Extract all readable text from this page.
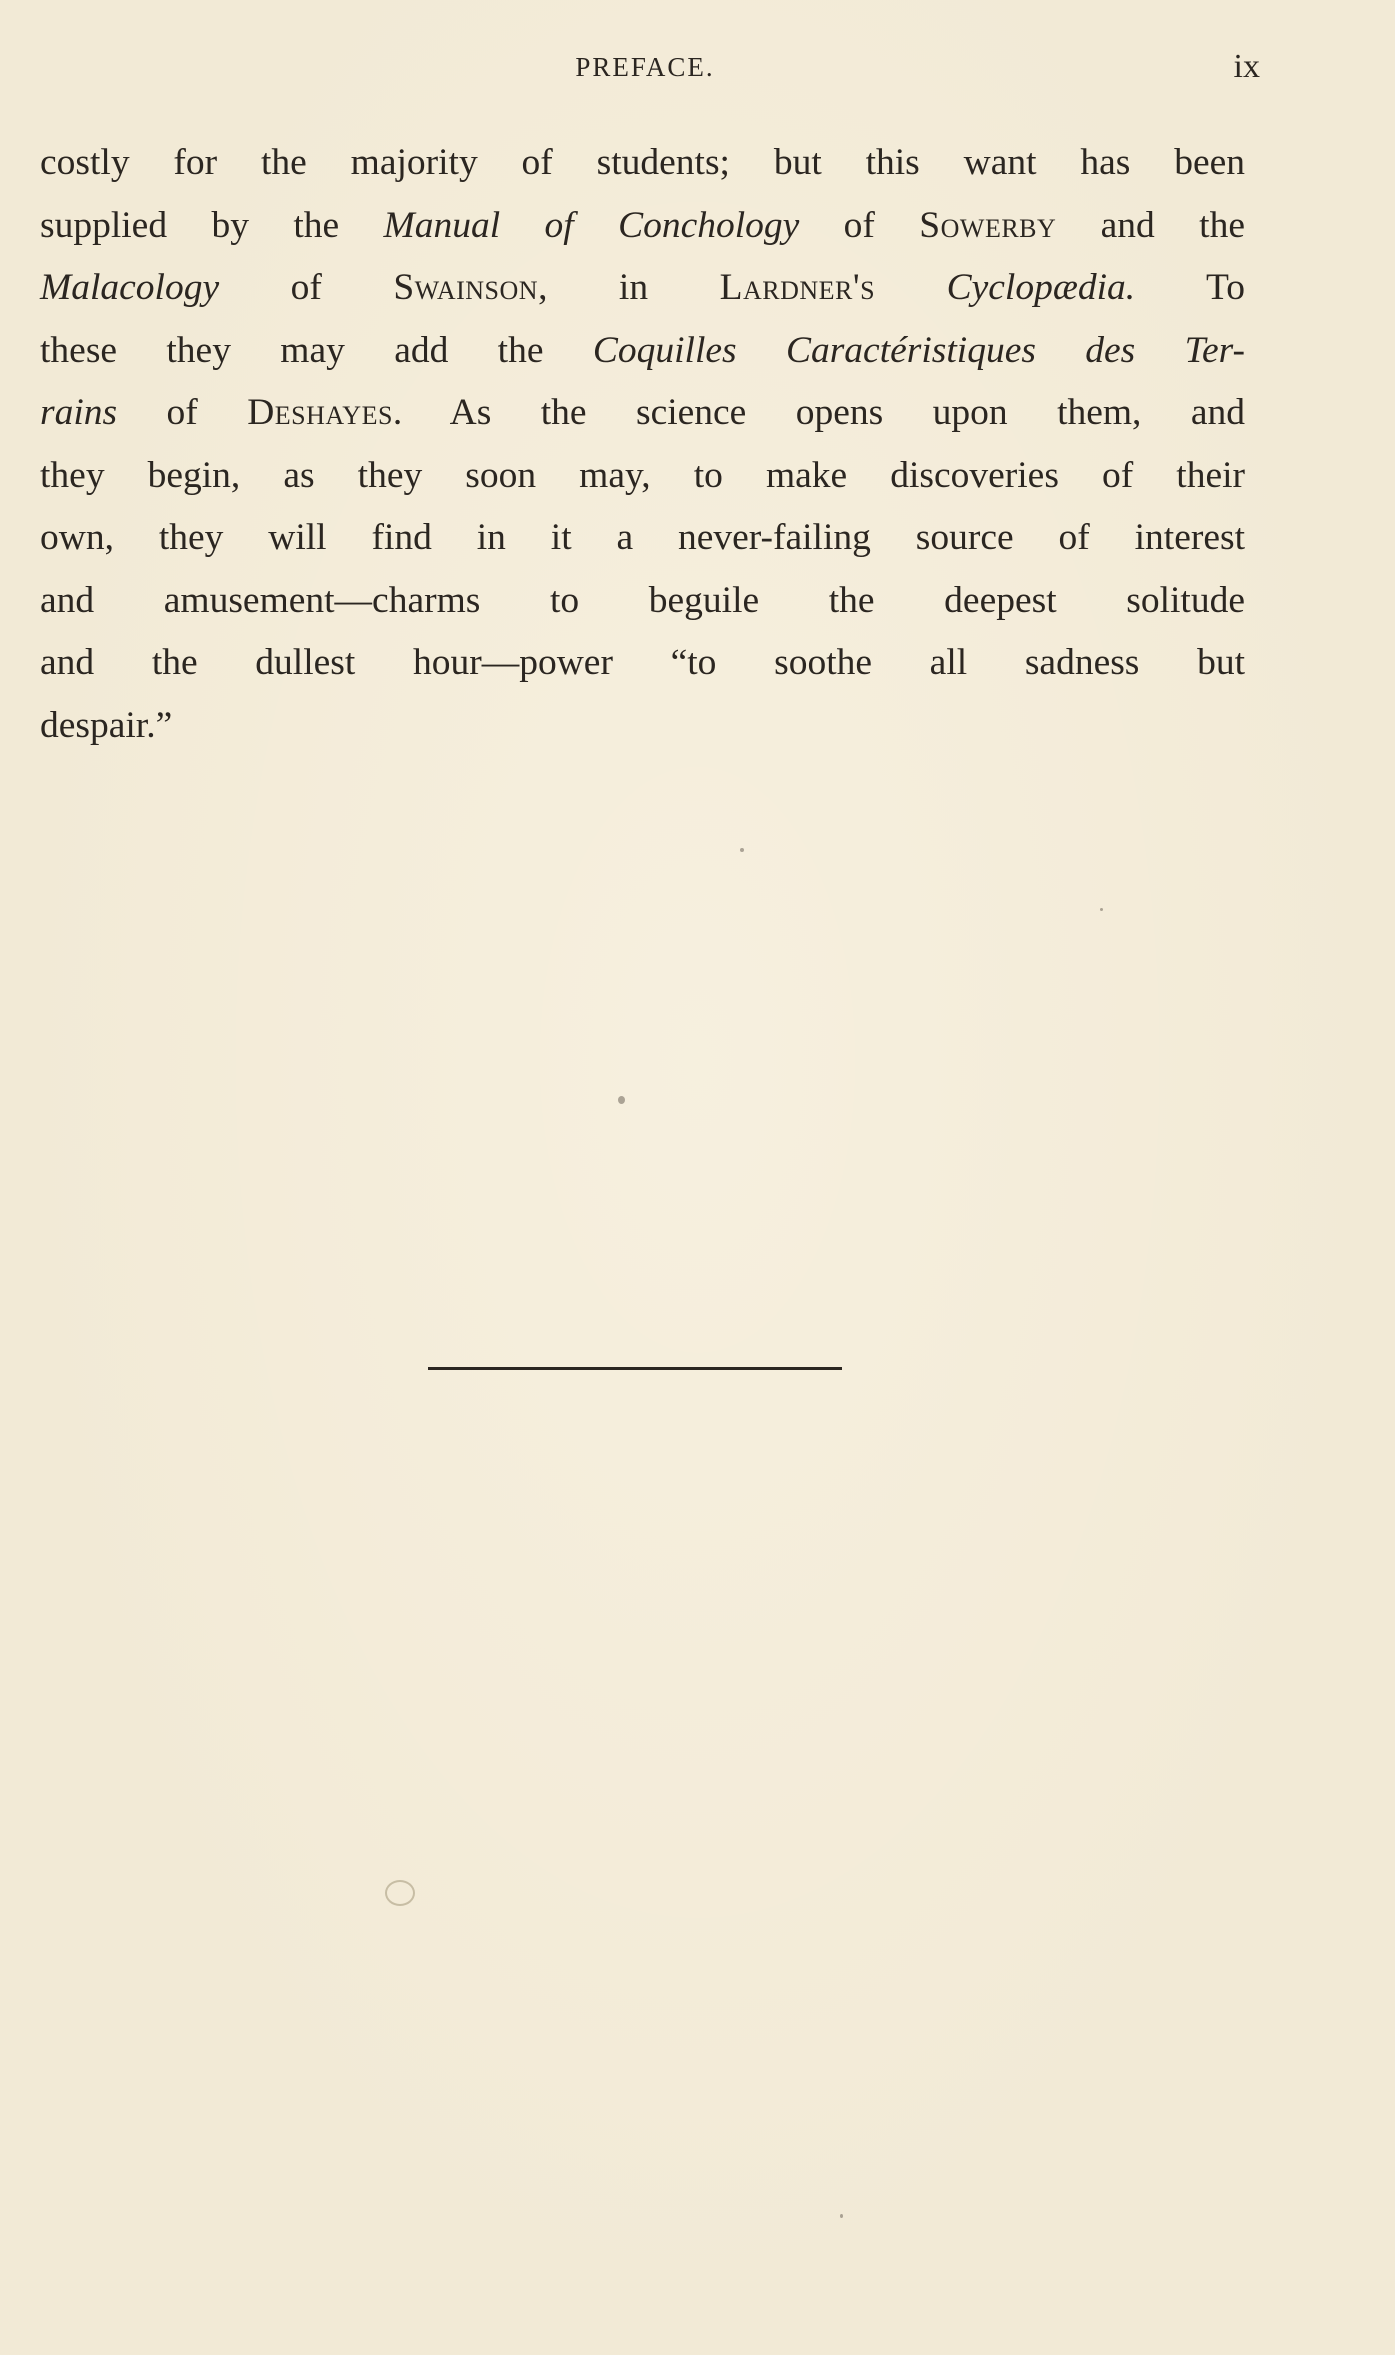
PREFACE.	ix
costly for the majority of students; but this want has been
supplied by the Manual of Conchology of Sowerby and the
Malacology of Swainson, in Lardner's Cyclopædia. To
these they may add the Coquilles Caractéristiques des Ter-
rains of Deshayes. As the science opens upon them, and
they begin, as they soon may, to make discoveries of their
own, they will find in it a never-failing source of interest
and amusement—charms to beguile the deepest solitude
and the dullest hour—power “to soothe all sadness but
despair.”
